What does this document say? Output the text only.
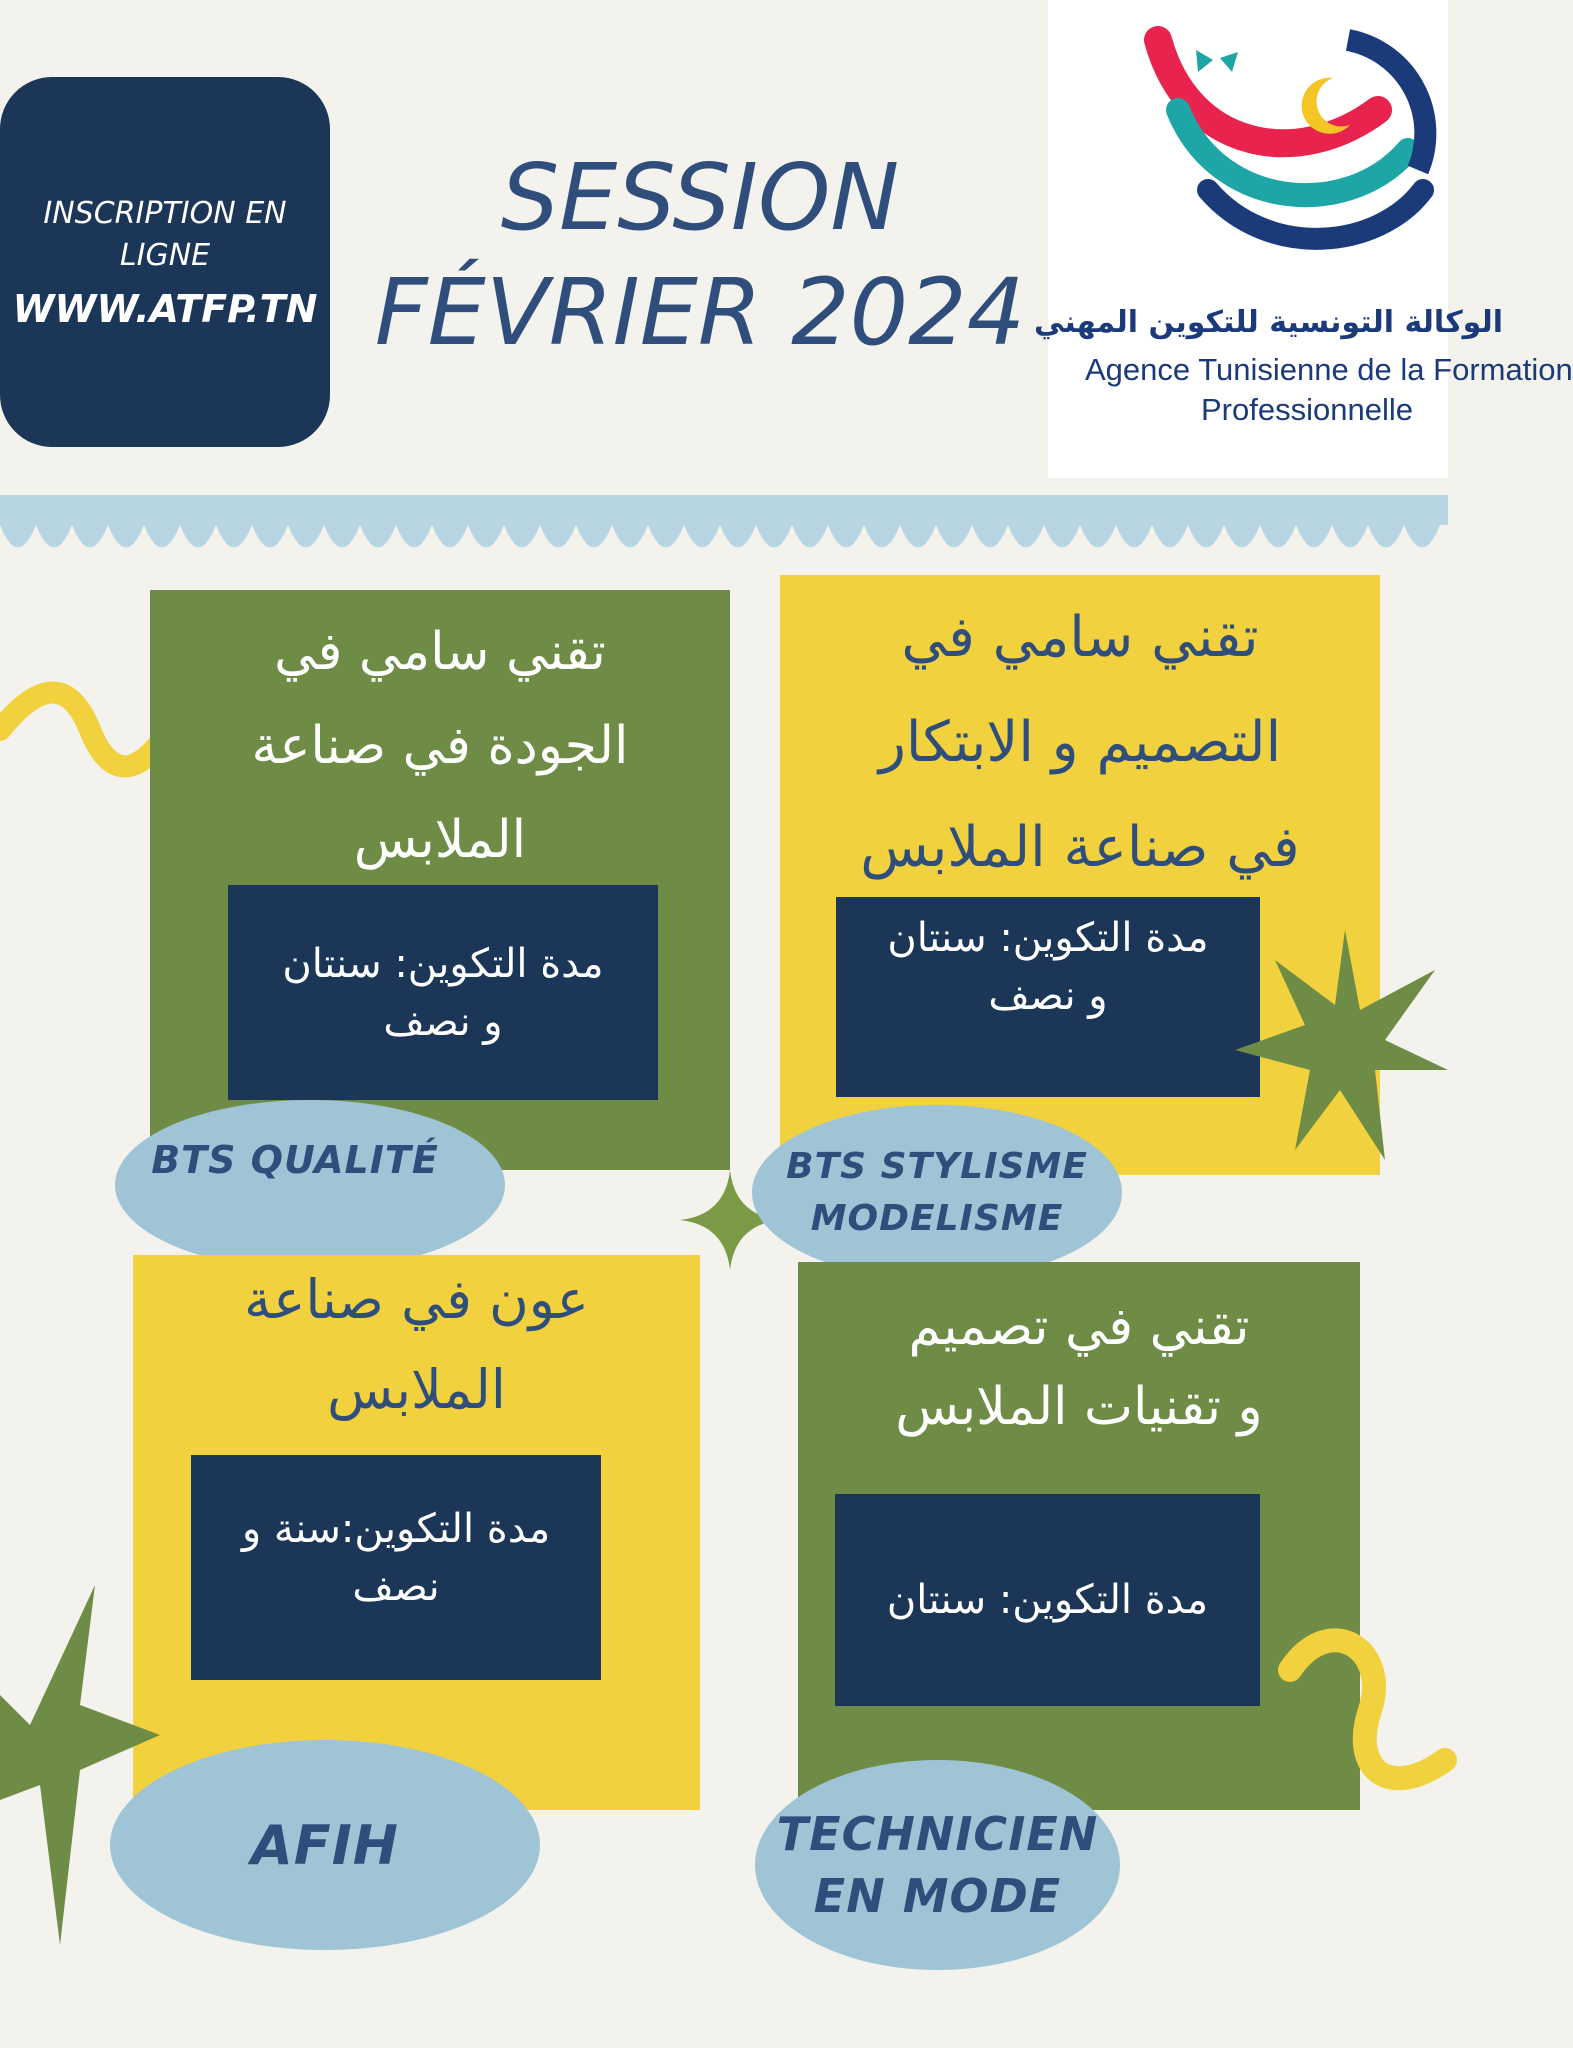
INSCRIPTION EN
LIGNE
WWW.ATFP.TN
SESSION
FÉVRIER 2024 الوكالة التونسية للتكوين المهني
Agence Tunisienne de la Formation
Professionnelle
تقني سامي في
الجودة في صناعة
الملابس
مدة التكوين: سنتان
و نصف
BTS QUALITÉ
تقني سامي في
التصميم و الابتكار
في صناعة الملابس
مدة التكوين: سنتان
و نصف
BTS STYLISME
MODELISME
عون في صناعة
الملابس
مدة التكوين:سنة و
نصف
AFIH
تقني في تصميم
و تقنيات الملابس
مدة التكوين: سنتان
TECHNICIEN
EN MODE
